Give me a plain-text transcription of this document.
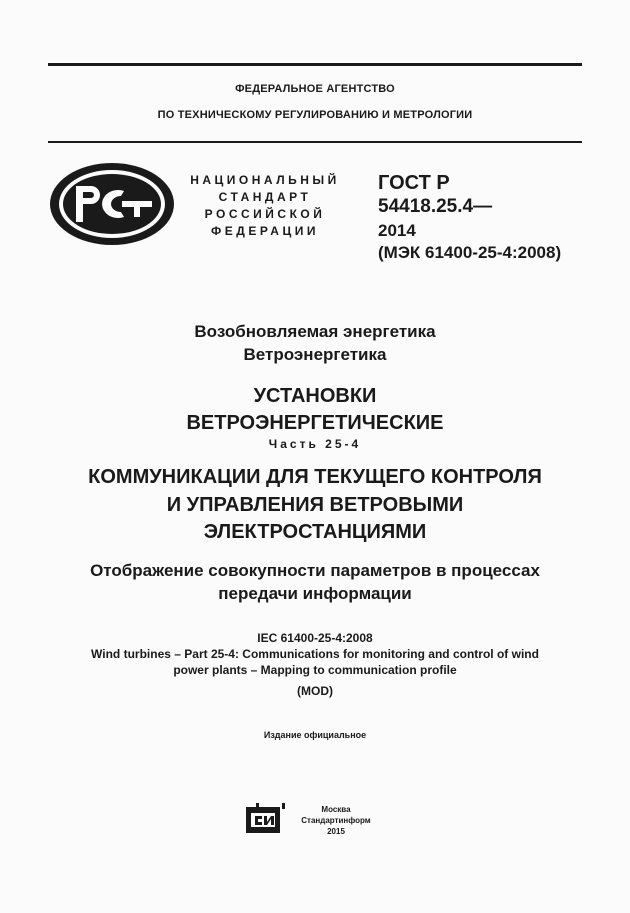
ФЕДЕРАЛЬНОЕ АГЕНТСТВО
ПО ТЕХНИЧЕСКОМУ РЕГУЛИРОВАНИЮ И МЕТРОЛОГИИ
НАЦИОНАЛЬНЫЙ
СТАНДАРТ
РОССИЙСКОЙ
ФЕДЕРАЦИИ
ГОСТ Р
54418.25.4—
2014
(МЭК 61400-25-4:2008)
Возобновляемая энергетика
Ветроэнергетика
УСТАНОВКИ
ВЕТРОЭНЕРГЕТИЧЕСКИЕ
Часть 25-4
КОММУНИКАЦИИ ДЛЯ ТЕКУЩЕГО КОНТРОЛЯ
И УПРАВЛЕНИЯ ВЕТРОВЫМИ
ЭЛЕКТРОСТАНЦИЯМИ
Отображение совокупности параметров в процессах
передачи информации
IEC 61400-25-4:2008
Wind turbines – Part 25-4: Communications for monitoring and control of wind
power plants – Mapping to communication profile
(MOD)
Издание официальное
Москва
Стандартинформ
2015
